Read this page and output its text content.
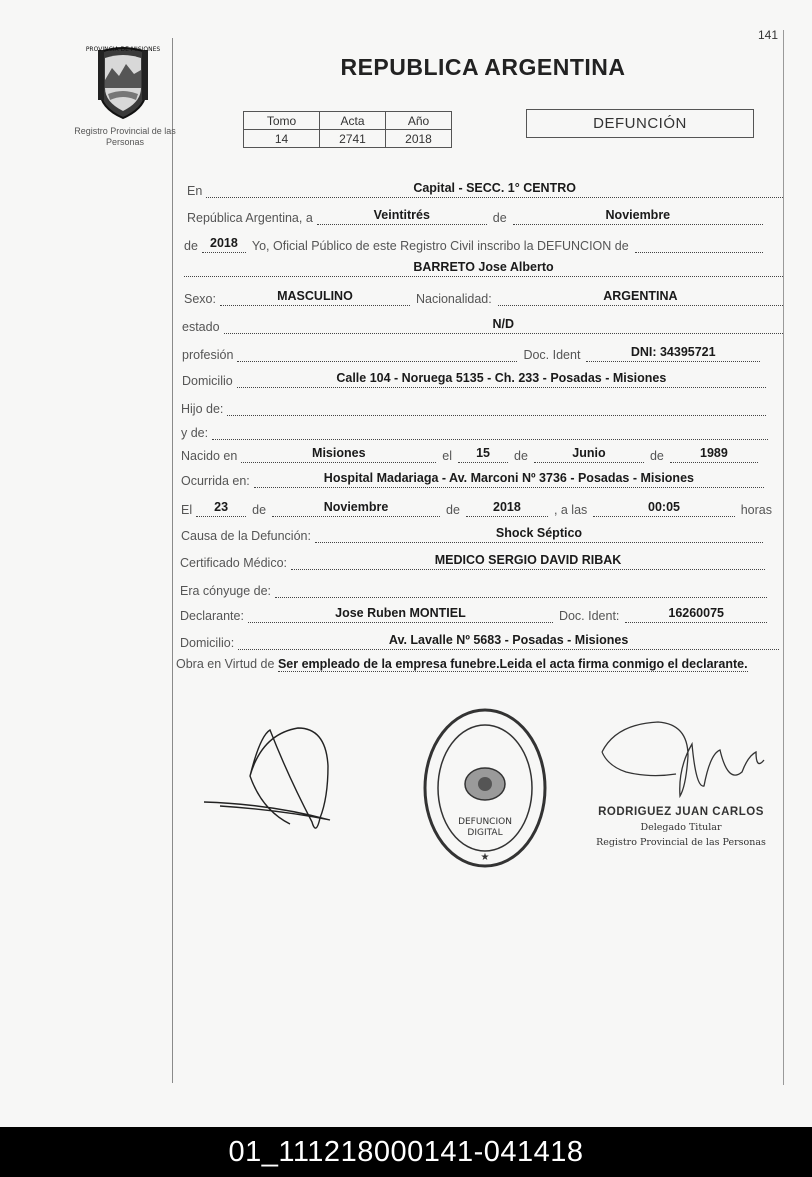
141
PROVINCIA DE MISIONES
Registro Provincial de las Personas
REPUBLICA ARGENTINA
Tomo	Acta	Año
14	2741	2018
DEFUNCIÓN
En	Capital - SECC. 1° CENTRO
República Argentina, a	Veintitrés	de	Noviembre
de 2018	Yo, Oficial Público de este Registro Civil inscribo la DEFUNCION de
BARRETO Jose Alberto
Sexo:	MASCULINO	Nacionalidad:	ARGENTINA
estado	N/D
profesión	Doc. Ident	DNI: 34395721
Domicilio	Calle 104 - Noruega 5135 - Ch. 233 - Posadas - Misiones
Hijo de:
y de:
Nacido en	Misiones	el	15	de	Junio	de	1989
Ocurrida en:	Hospital Madariaga - Av. Marconi Nº 3736 - Posadas - Misiones
El	23	de	Noviembre	de	2018	, a las	00:05	horas
Causa de la Defunción:	Shock Séptico
Certificado Médico:	MEDICO SERGIO DAVID RIBAK
Era cónyuge de:
Declarante:	Jose Ruben MONTIEL	Doc. Ident:	16260075
Domicilio:	Av. Lavalle Nº 5683 - Posadas - Misiones
Obra en Virtud de Ser empleado de la empresa funebre.Leida el acta firma conmigo el declarante.
DEFUNCION
DIGITAL
★
RODRIGUEZ JUAN CARLOS
Delegado Titular
Registro Provincial de las Personas
01_111218000141-041418
